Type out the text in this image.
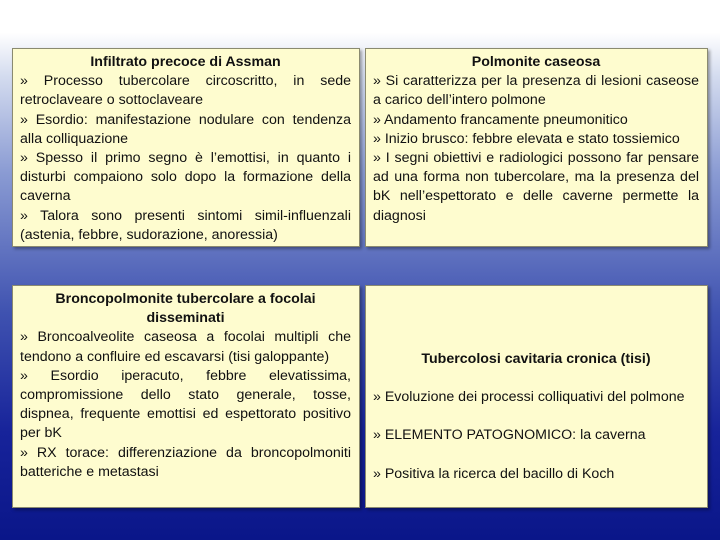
Infiltrato precoce di Assman
» Processo tubercolare circoscritto, in sede retroclaveare o sottoclaveare
» Esordio: manifestazione nodulare con tendenza alla colliquazione
» Spesso il primo segno è l’emottisi, in quanto i disturbi compaiono solo dopo la formazione della caverna
» Talora sono presenti sintomi simil-influenzali (astenia, febbre, sudorazione, anoressia)
Polmonite caseosa
» Si caratterizza per la presenza di lesioni caseose a carico dell’intero polmone
» Andamento francamente pneumonitico
» Inizio brusco: febbre elevata e stato tossiemico
» I segni obiettivi e radiologici possono far pensare ad una forma non tubercolare, ma la presenza del bK nell’espettorato e delle caverne permette la diagnosi
Broncopolmonite tubercolare a focolai disseminati
» Broncoalveolite caseosa a focolai multipli che tendono a confluire ed escavarsi (tisi galoppante)
» Esordio iperacuto, febbre elevatissima, compromissione dello stato generale, tosse, dispnea, frequente emottisi ed espettorato positivo per bK
» RX torace: differenziazione da broncopolmoniti batteriche e metastasi
Tubercolosi cavitaria cronica (tisi)
» Evoluzione dei processi colliquativi del polmone
» ELEMENTO PATOGNOMICO: la caverna
» Positiva la ricerca del bacillo di Koch
